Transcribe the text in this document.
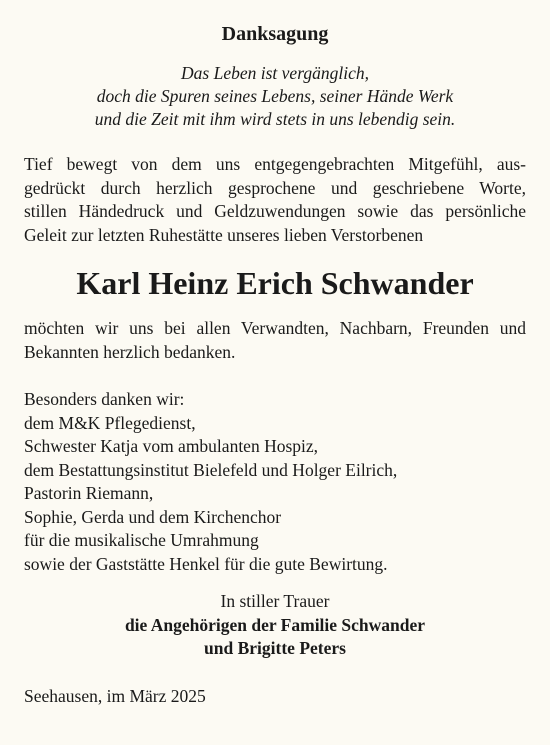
Danksagung
Das Leben ist vergänglich,
doch die Spuren seines Lebens, seiner Hände Werk
und die Zeit mit ihm wird stets in uns lebendig sein.
Tief bewegt von dem uns entgegengebrachten Mitgefühl, aus-
gedrückt durch herzlich gesprochene und geschriebene Worte,
stillen Händedruck und Geldzuwendungen sowie das persönliche
Geleit zur letzten Ruhestätte unseres lieben Verstorbenen
Karl Heinz Erich Schwander
möchten wir uns bei allen Verwandten, Nachbarn, Freunden und
Bekannten herzlich bedanken.
Besonders danken wir:
dem M&K Pflegedienst,
Schwester Katja vom ambulanten Hospiz,
dem Bestattungsinstitut Bielefeld und Holger Eilrich,
Pastorin Riemann,
Sophie, Gerda und dem Kirchenchor
für die musikalische Umrahmung
sowie der Gaststätte Henkel für die gute Bewirtung.
In stiller Trauer
die Angehörigen der Familie Schwander
und Brigitte Peters
Seehausen, im März 2025
